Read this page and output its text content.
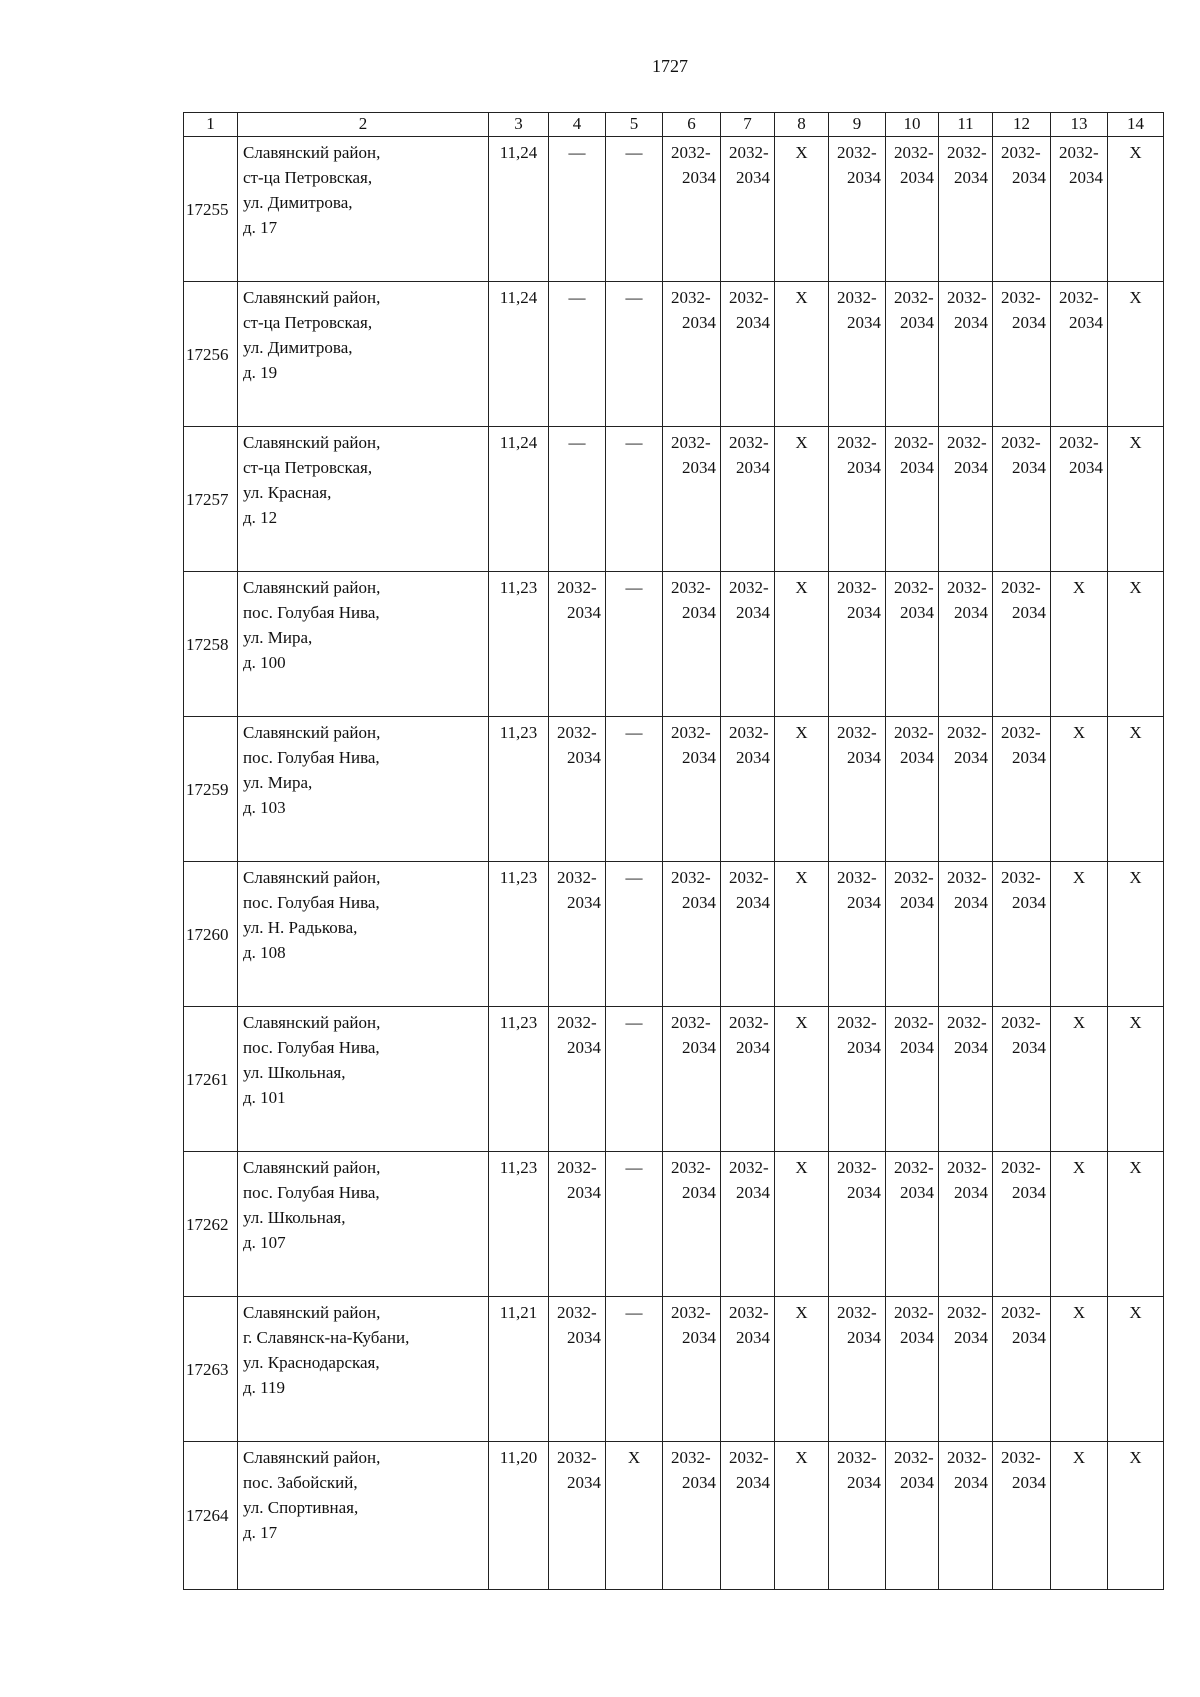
1727
1	2	3	4	5	6	7	8	9	10	11	12	13	14
17255	Славянский район,
ст-ца Петровская,
ул. Димитрова,
д. 17	11,24	—	—	2032-
2034	2032-
2034	X	2032-
2034	2032-
2034	2032-
2034	2032-
2034	2032-
2034	X
17256	Славянский район,
ст-ца Петровская,
ул. Димитрова,
д. 19	11,24	—	—	2032-
2034	2032-
2034	X	2032-
2034	2032-
2034	2032-
2034	2032-
2034	2032-
2034	X
17257	Славянский район,
ст-ца Петровская,
ул. Красная,
д. 12	11,24	—	—	2032-
2034	2032-
2034	X	2032-
2034	2032-
2034	2032-
2034	2032-
2034	2032-
2034	X
17258	Славянский район,
пос. Голубая Нива,
ул. Мира,
д. 100	11,23	2032-
2034	—	2032-
2034	2032-
2034	X	2032-
2034	2032-
2034	2032-
2034	2032-
2034	X	X
17259	Славянский район,
пос. Голубая Нива,
ул. Мира,
д. 103	11,23	2032-
2034	—	2032-
2034	2032-
2034	X	2032-
2034	2032-
2034	2032-
2034	2032-
2034	X	X
17260	Славянский район,
пос. Голубая Нива,
ул. Н. Радькова,
д. 108	11,23	2032-
2034	—	2032-
2034	2032-
2034	X	2032-
2034	2032-
2034	2032-
2034	2032-
2034	X	X
17261	Славянский район,
пос. Голубая Нива,
ул. Школьная,
д. 101	11,23	2032-
2034	—	2032-
2034	2032-
2034	X	2032-
2034	2032-
2034	2032-
2034	2032-
2034	X	X
17262	Славянский район,
пос. Голубая Нива,
ул. Школьная,
д. 107	11,23	2032-
2034	—	2032-
2034	2032-
2034	X	2032-
2034	2032-
2034	2032-
2034	2032-
2034	X	X
17263	Славянский район,
г. Славянск-на-Кубани,
ул. Краснодарская,
д. 119	11,21	2032-
2034	—	2032-
2034	2032-
2034	X	2032-
2034	2032-
2034	2032-
2034	2032-
2034	X	X
17264	Славянский район,
пос. Забойский,
ул. Спортивная,
д. 17	11,20	2032-
2034	X	2032-
2034	2032-
2034	X	2032-
2034	2032-
2034	2032-
2034	2032-
2034	X	X
